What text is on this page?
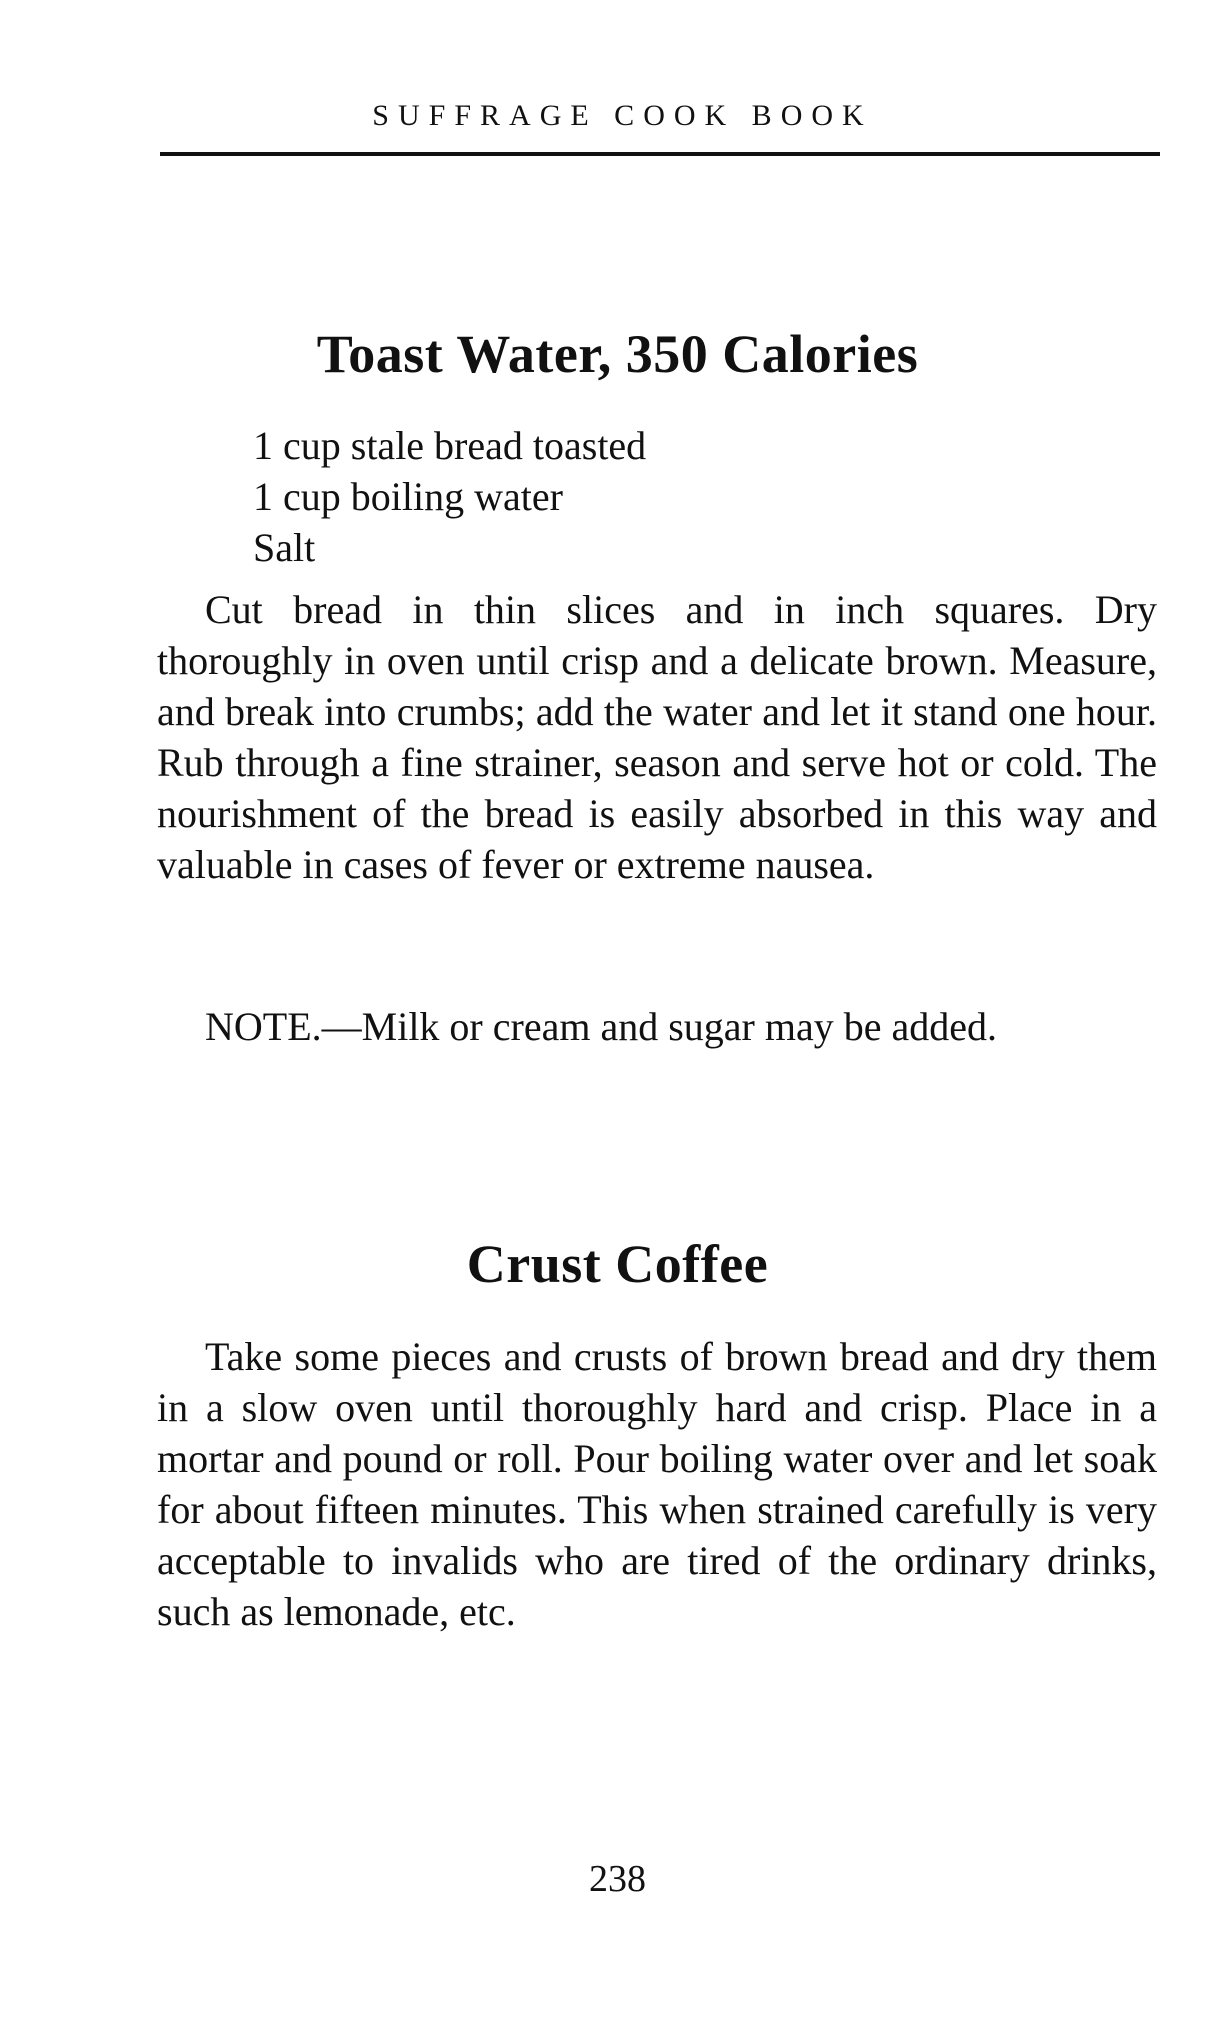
SUFFRAGE COOK BOOK
Toast Water, 350 Calories
1 cup stale bread toasted
1 cup boiling water
Salt

Cut bread in thin slices and in inch squares. Dry thoroughly in oven until crisp and a delicate brown. Measure, and break into crumbs; add the water and let it stand one hour. Rub through a fine strainer, season and serve hot or cold. The nourishment of the bread is easily absorbed in this way and valuable in cases of fever or extreme nausea.

NOTE.—Milk or cream and sugar may be added.

Crust Coffee

Take some pieces and crusts of brown bread and dry them in a slow oven until thoroughly hard and crisp. Place in a mortar and pound or roll. Pour boiling water over and let soak for about fifteen minutes. This when strained carefully is very acceptable to invalids who are tired of the ordinary drinks, such as lemonade, etc.

238
